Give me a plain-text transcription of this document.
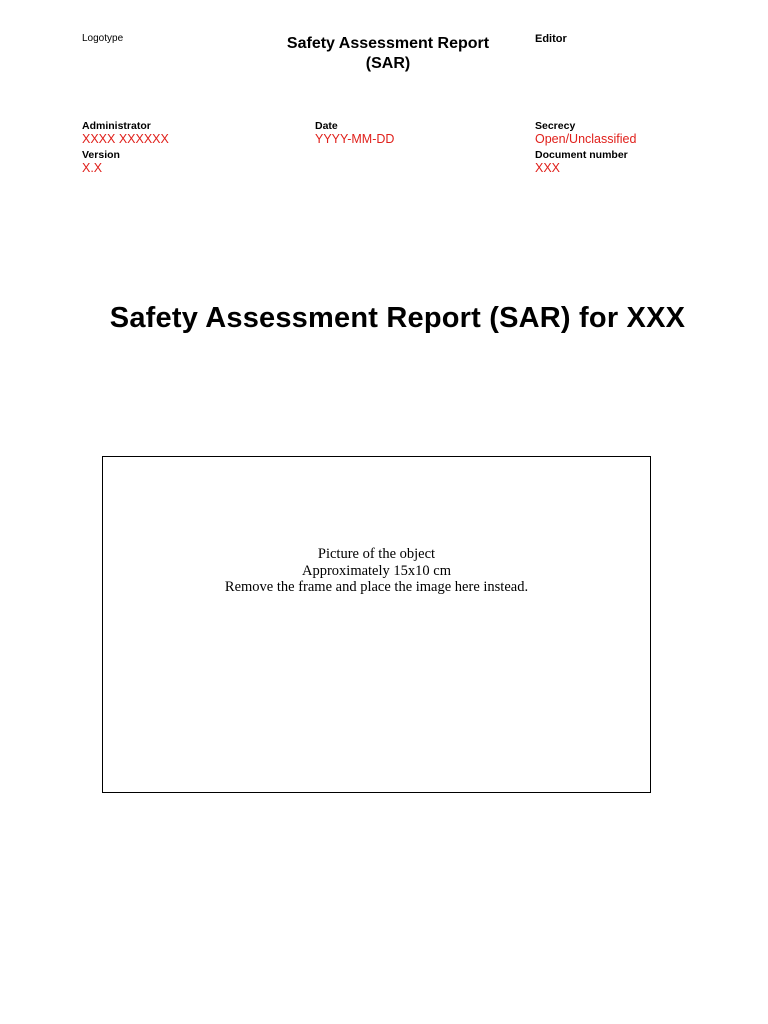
Logotype	Safety Assessment Report
(SAR)
Editor
Administrator
XXXX XXXXXX
Version
X.X
Date
YYYY-MM-DD
Secrecy
Open/Unclassified
Document number
XXX
Safety Assessment Report (SAR) for XXX
Picture of the object
Approximately 15x10 cm
Remove the frame and place the image here instead.
